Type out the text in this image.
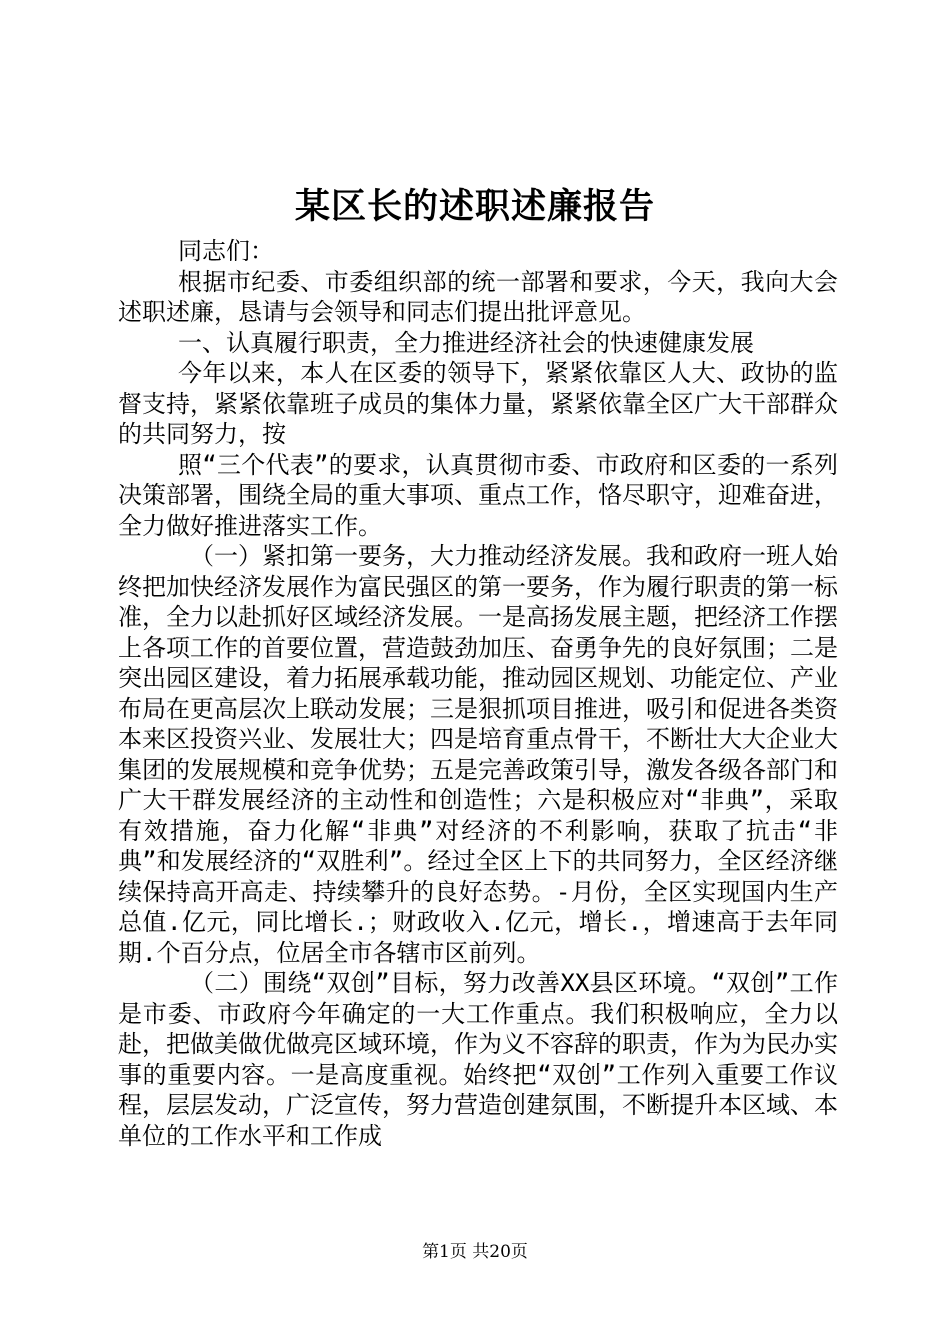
某区长的述职述廉报告

同志们：

根据市纪委、市委组织部的统一部署和要求，今天，我向大会述职述廉，恳请与会领导和同志们提出批评意见。

一、认真履行职责，全力推进经济社会的快速健康发展

今年以来，本人在区委的领导下，紧紧依靠区人大、政协的监督支持，紧紧依靠班子成员的集体力量，紧紧依靠全区广大干部群众的共同努力，按

照“三个代表”的要求，认真贯彻市委、市政府和区委的一系列决策部署，围绕全局的重大事项、重点工作，恪尽职守，迎难奋进，全力做好推进落实工作。

（一）紧扣第一要务，大力推动经济发展。我和政府一班人始终把加快经济发展作为富民强区的第一要务，作为履行职责的第一标准，全力以赴抓好区域经济发展。一是高扬发展主题，把经济工作摆上各项工作的首要位置，营造鼓劲加压、奋勇争先的良好氛围；二是突出园区建设，着力拓展承载功能，推动园区规划、功能定位、产业布局在更高层次上联动发展；三是狠抓项目推进，吸引和促进各类资本来区投资兴业、发展壮大；四是培育重点骨干，不断壮大大企业大集团的发展规模和竞争优势；五是完善政策引导，激发各级各部门和广大干群发展经济的主动性和创造性；六是积极应对“非典”，采取有效措施，奋力化解“非典”对经济的不利影响，获取了抗击“非典”和发展经济的“双胜利”。经过全区上下的共同努力，全区经济继续保持高开高走、持续攀升的良好态势。-月份，全区实现国内生产总值.亿元，同比增长.；财政收入.亿元，增长.，增速高于去年同期.个百分点，位居全市各辖市区前列。

（二）围绕“双创”目标，努力改善XX县区环境。“双创”工作是市委、市政府今年确定的一大工作重点。我们积极响应，全力以赴，把做美做优做亮区域环境，作为义不容辞的职责，作为为民办实事的重要内容。一是高度重视。始终把“双创”工作列入重要工作议程，层层发动，广泛宣传，努力营造创建氛围，不断提升本区域、本单位的工作水平和工作成

第1页 共20页
